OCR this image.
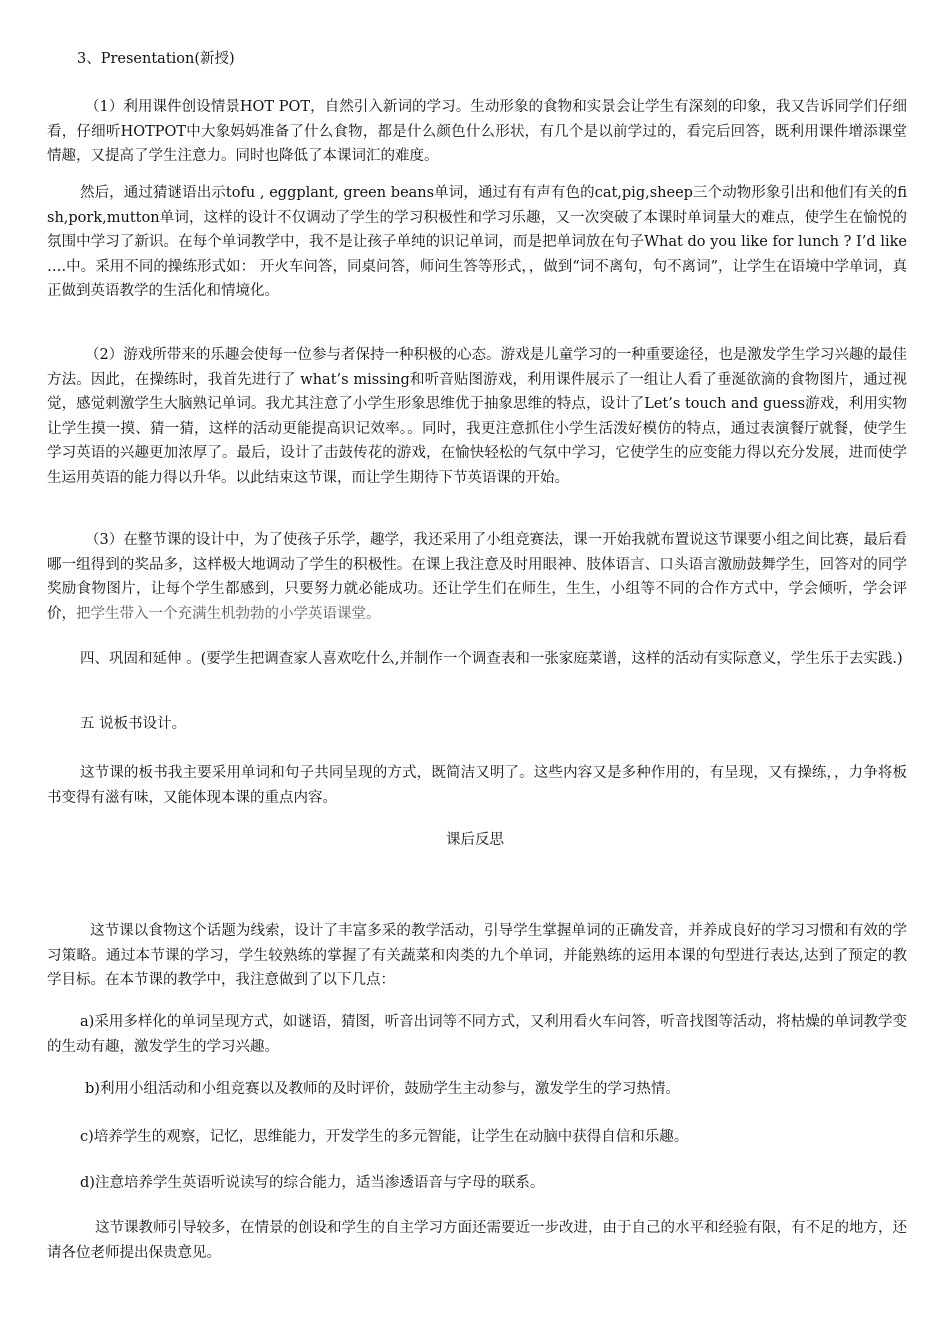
3、Presentation(新授)

（1）利用课件创设情景HOT POT，自然引入新词的学习。生动形象的食物和实景会让学生有深刻的印象，我又告诉同学们仔细看，仔细听HOTPOT中大象妈妈准备了什么食物，都是什么颜色什么形状，有几个是以前学过的，看完后回答，既利用课件增添课堂情趣，又提高了学生注意力。同时也降低了本课词汇的难度。

然后，通过猜谜语出示tofu , eggplant, green beans单词，通过有有声有色的cat,pig,sheep三个动物形象引出和他们有关的fish,pork,mutton单词，这样的设计不仅调动了学生的学习积极性和学习乐趣，又一次突破了本课时单词量大的难点，使学生在愉悦的氛围中学习了新识。在每个单词教学中，我不是让孩子单纯的识记单词，而是把单词放在句子What do you like for lunch ? I’d like ….中。采用不同的操练形式如： 开火车问答，同桌问答，师问生答等形式，，做到“词不离句，句不离词”，让学生在语境中学单词，真正做到英语教学的生活化和情境化。

（2）游戏所带来的乐趣会使每一位参与者保持一种积极的心态。游戏是儿童学习的一种重要途径，也是激发学生学习兴趣的最佳方法。因此，在操练时，我首先进行了 what’s missing和听音贴图游戏，利用课件展示了一组让人看了垂涎欲滴的食物图片，通过视觉，感觉刺激学生大脑熟记单词。我尤其注意了小学生形象思维优于抽象思维的特点，设计了Let’s touch and guess游戏，利用实物让学生摸一摸、猜一猜，这样的活动更能提高识记效率。。同时，我更注意抓住小学生活泼好模仿的特点，通过表演餐厅就餐，使学生学习英语的兴趣更加浓厚了。最后，设计了击鼓传花的游戏，在愉快轻松的气氛中学习，它使学生的应变能力得以充分发展，进而使学生运用英语的能力得以升华。以此结束这节课，而让学生期待下节英语课的开始。

（3）在整节课的设计中，为了使孩子乐学，趣学，我还采用了小组竞赛法，课一开始我就布置说这节课要小组之间比赛，最后看哪一组得到的奖品多，这样极大地调动了学生的积极性。在课上我注意及时用眼神、肢体语言、口头语言激励鼓舞学生，回答对的同学奖励食物图片，让每个学生都感到，只要努力就必能成功。还让学生们在师生，生生，小组等不同的合作方式中，学会倾听，学会评价，把学生带入一个充满生机勃勃的小学英语课堂。

四、巩固和延伸 。(要学生把调查家人喜欢吃什么,并制作一个调查表和一张家庭菜谱，这样的活动有实际意义，学生乐于去实践.)

五 说板书设计。

这节课的板书我主要采用单词和句子共同呈现的方式，既简洁又明了。这些内容又是多种作用的，有呈现，又有操练，，力争将板书变得有滋有味，又能体现本课的重点内容。

课后反思

这节课以食物这个话题为线索，设计了丰富多采的教学活动，引导学生掌握单词的正确发音，并养成良好的学习习惯和有效的学习策略。通过本节课的学习，学生较熟练的掌握了有关蔬菜和肉类的九个单词，并能熟练的运用本课的句型进行表达,达到了预定的教学目标。在本节课的教学中，我注意做到了以下几点：

a)采用多样化的单词呈现方式，如谜语，猜图，听音出词等不同方式，又利用看火车问答，听音找图等活动，将枯燥的单词教学变的生动有趣，激发学生的学习兴趣。

b)利用小组活动和小组竞赛以及教师的及时评价，鼓励学生主动参与，激发学生的学习热情。

c)培养学生的观察，记忆，思维能力，开发学生的多元智能，让学生在动脑中获得自信和乐趣。

d)注意培养学生英语听说读写的综合能力，适当渗透语音与字母的联系。

这节课教师引导较多，在情景的创设和学生的自主学习方面还需要近一步改进，由于自己的水平和经验有限，有不足的地方，还请各位老师提出保贵意见。
